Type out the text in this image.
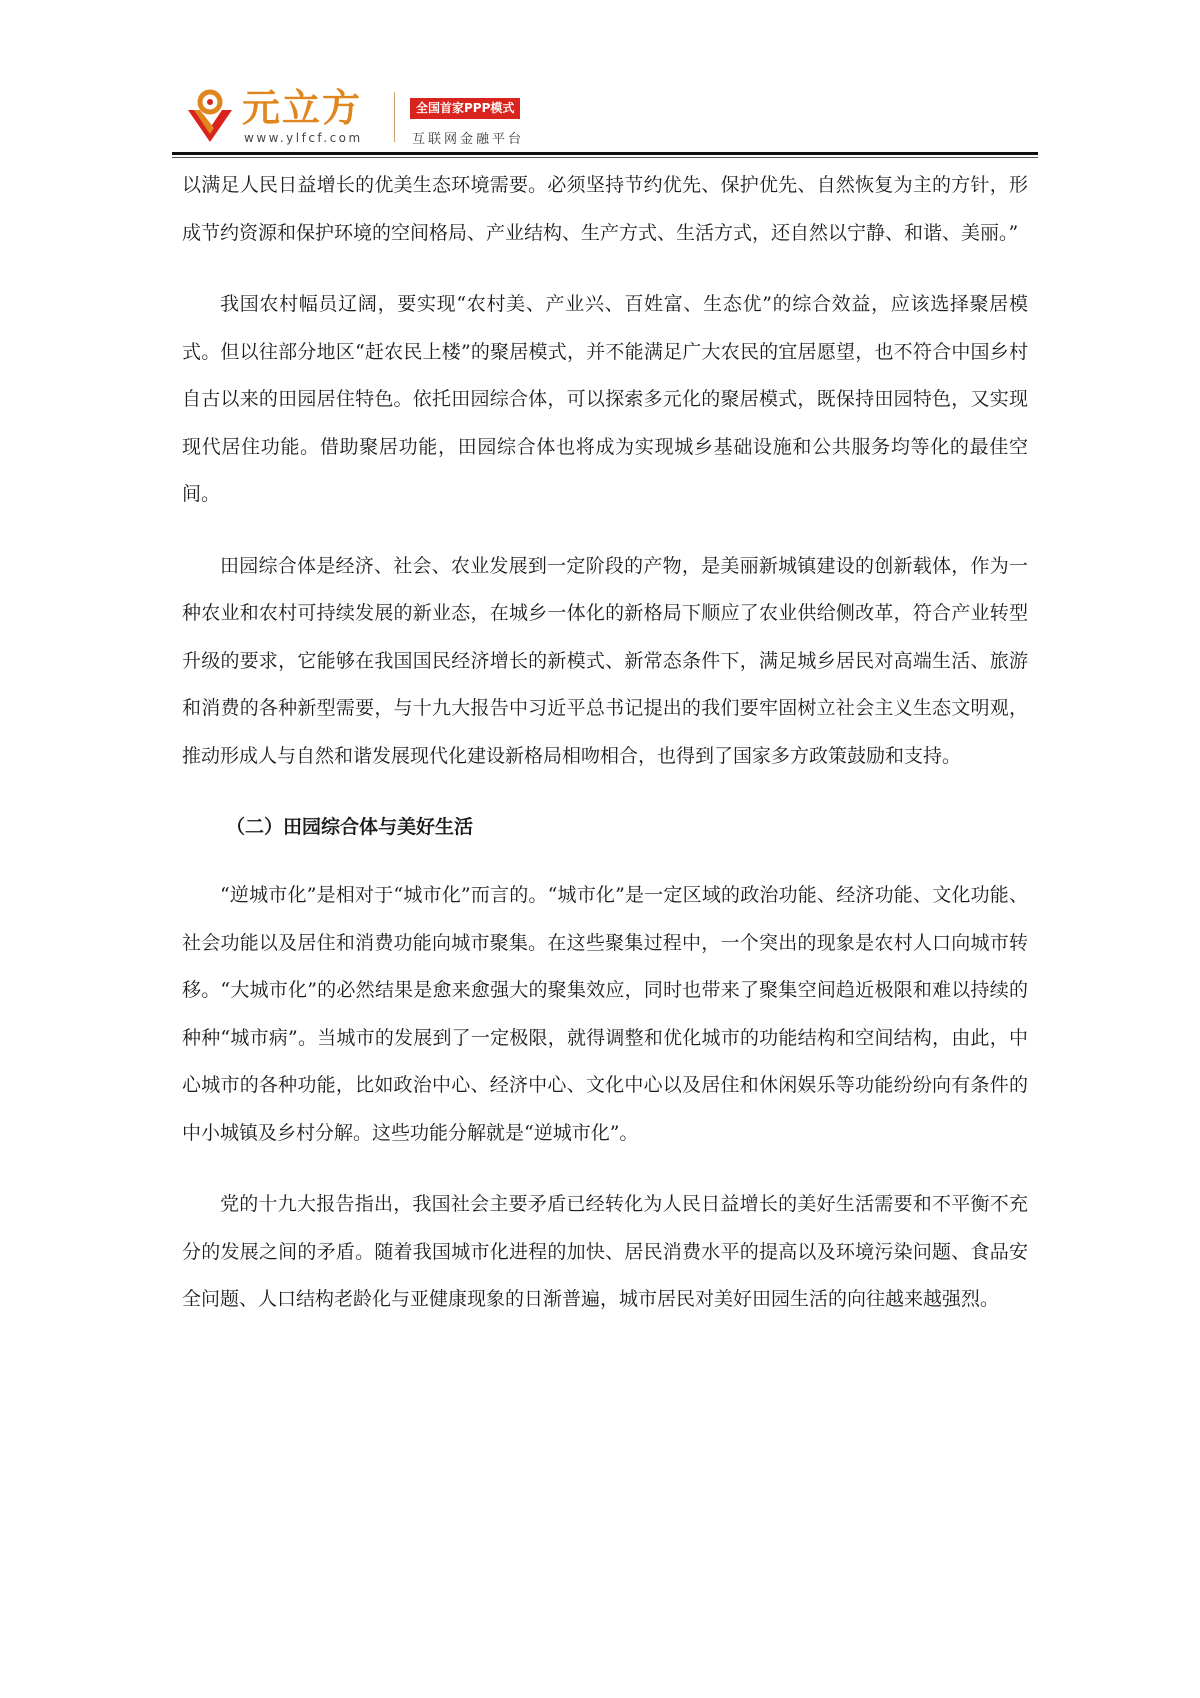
元立方
www.ylfcf.com
全国首家PPP模式
互联网金融平台

以满足人民日益增长的优美生态环境需要。必须坚持节约优先、保护优先、自然恢复为主的方针，形成节约资源和保护环境的空间格局、产业结构、生产方式、生活方式，还自然以宁静、和谐、美丽。”

我国农村幅员辽阔，要实现“农村美、产业兴、百姓富、生态优”的综合效益，应该选择聚居模式。但以往部分地区“赶农民上楼”的聚居模式，并不能满足广大农民的宜居愿望，也不符合中国乡村自古以来的田园居住特色。依托田园综合体，可以探索多元化的聚居模式，既保持田园特色，又实现现代居住功能。借助聚居功能，田园综合体也将成为实现城乡基础设施和公共服务均等化的最佳空间。

田园综合体是经济、社会、农业发展到一定阶段的产物，是美丽新城镇建设的创新载体，作为一种农业和农村可持续发展的新业态，在城乡一体化的新格局下顺应了农业供给侧改革，符合产业转型升级的要求，它能够在我国国民经济增长的新模式、新常态条件下，满足城乡居民对高端生活、旅游和消费的各种新型需要，与十九大报告中习近平总书记提出的我们要牢固树立社会主义生态文明观，推动形成人与自然和谐发展现代化建设新格局相吻相合，也得到了国家多方政策鼓励和支持。

（二）田园综合体与美好生活

“逆城市化”是相对于“城市化”而言的。“城市化”是一定区域的政治功能、经济功能、文化功能、社会功能以及居住和消费功能向城市聚集。在这些聚集过程中，一个突出的现象是农村人口向城市转移。“大城市化”的必然结果是愈来愈强大的聚集效应，同时也带来了聚集空间趋近极限和难以持续的种种“城市病”。当城市的发展到了一定极限，就得调整和优化城市的功能结构和空间结构，由此，中心城市的各种功能，比如政治中心、经济中心、文化中心以及居住和休闲娱乐等功能纷纷向有条件的中小城镇及乡村分解。这些功能分解就是“逆城市化”。

党的十九大报告指出，我国社会主要矛盾已经转化为人民日益增长的美好生活需要和不平衡不充分的发展之间的矛盾。随着我国城市化进程的加快、居民消费水平的提高以及环境污染问题、食品安全问题、人口结构老龄化与亚健康现象的日渐普遍，城市居民对美好田园生活的向往越来越强烈。
